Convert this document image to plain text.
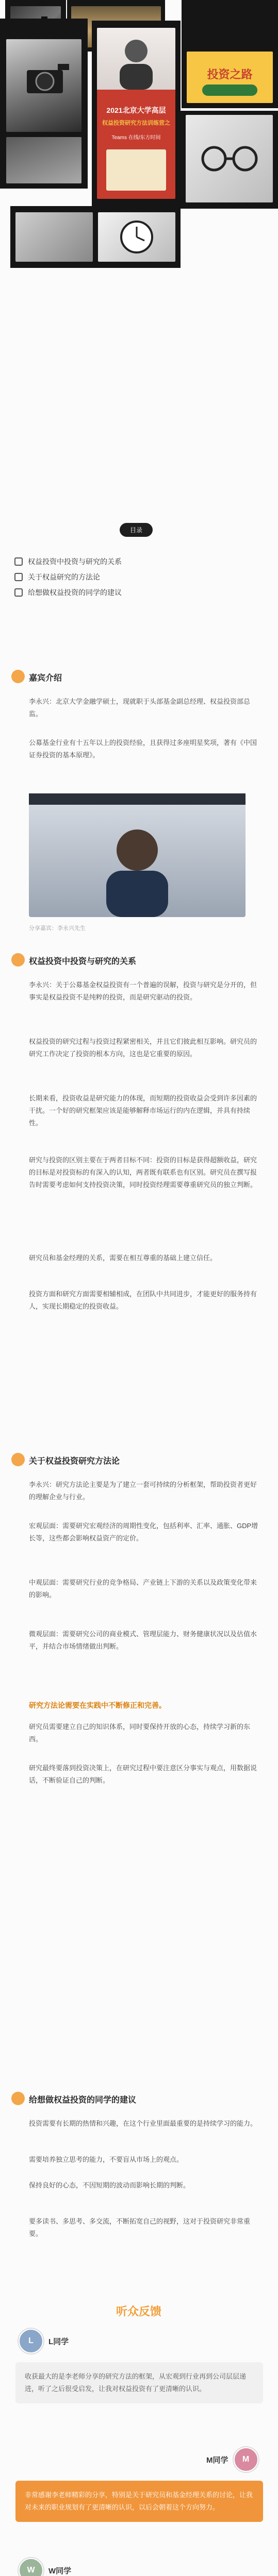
2021北京大学高层
权益投资研究方法训练营之
Teams 在线/东方时间
投资之路
目录
权益投资中投资与研究的关系
关于权益研究的方法论
给想做权益投资的同学的建议
嘉宾介绍
李永兴：北京大学金融学硕士，现就职于头部基金副总经理、权益投资部总监。
公募基金行业有十五年以上的投资经验，且获得过多座明星奖项，著有《中国证券投资的基本原理》。
分享嘉宾：李永兴先生
权益投资中投资与研究的关系
李永兴：关于公募基金权益投资有一个普遍的误解，投资与研究是分开的，但事实是权益投资不是纯粹的投资，而是研究驱动的投资。
权益投资的研究过程与投资过程紧密相关，并且它们彼此相互影响。研究员的研究工作决定了投资的根本方向，这也是它重要的原因。
长期来看，投资收益是研究能力的体现，而短期的投资收益会受到许多因素的干扰。一个好的研究框架应该是能够解释市场运行的内在逻辑，并具有持续性。
研究与投资的区别主要在于两者目标不同：投资的目标是获得超额收益，研究的目标是对投资标的有深入的认知，两者既有联系也有区别。研究员在撰写报告时需要考虑如何支持投资决策，同时投资经理需要尊重研究员的独立判断。
研究员和基金经理的关系，需要在相互尊重的基础上建立信任。
投资方面和研究方面需要相辅相成，在团队中共同进步，才能更好的服务持有人，实现长期稳定的投资收益。
关于权益投资研究方法论
李永兴：研究方法论主要是为了建立一套可持续的分析框架，帮助投资者更好的理解企业与行业。
宏观层面：需要研究宏观经济的周期性变化，包括利率、汇率、通胀、GDP增长等，这些都会影响权益资产的定价。
中观层面：需要研究行业的竞争格局、产业链上下游的关系以及政策变化带来的影响。
微观层面：需要研究公司的商业模式、管理层能力、财务健康状况以及估值水平，并结合市场情绪做出判断。
研究方法论需要在实践中不断修正和完善。
研究员需要建立自己的知识体系，同时要保持开放的心态，持续学习新的东西。
研究最终要落到投资决策上，在研究过程中要注意区分事实与观点，用数据说话，不断验证自己的判断。
给想做权益投资的同学的建议
投资需要有长期的热情和兴趣，在这个行业里面最重要的是持续学习的能力。
需要培养独立思考的能力，不要盲从市场上的观点。
保持良好的心态，不因短期的波动而影响长期的判断。
要多读书、多思考、多交流，不断拓宽自己的视野，这对于投资研究非常重要。
听众反馈
L	L同学
收获最大的是李老师分享的研究方法的框架，从宏观到行业再到公司层层递进，听了之后很受启发，让我对权益投资有了更清晰的认识。
M同学	M
非常感谢李老师精彩的分享，特别是关于研究员和基金经理关系的讨论，让我对未来的职业规划有了更清晰的认识，以后会朝着这个方向努力。
W	W同学
